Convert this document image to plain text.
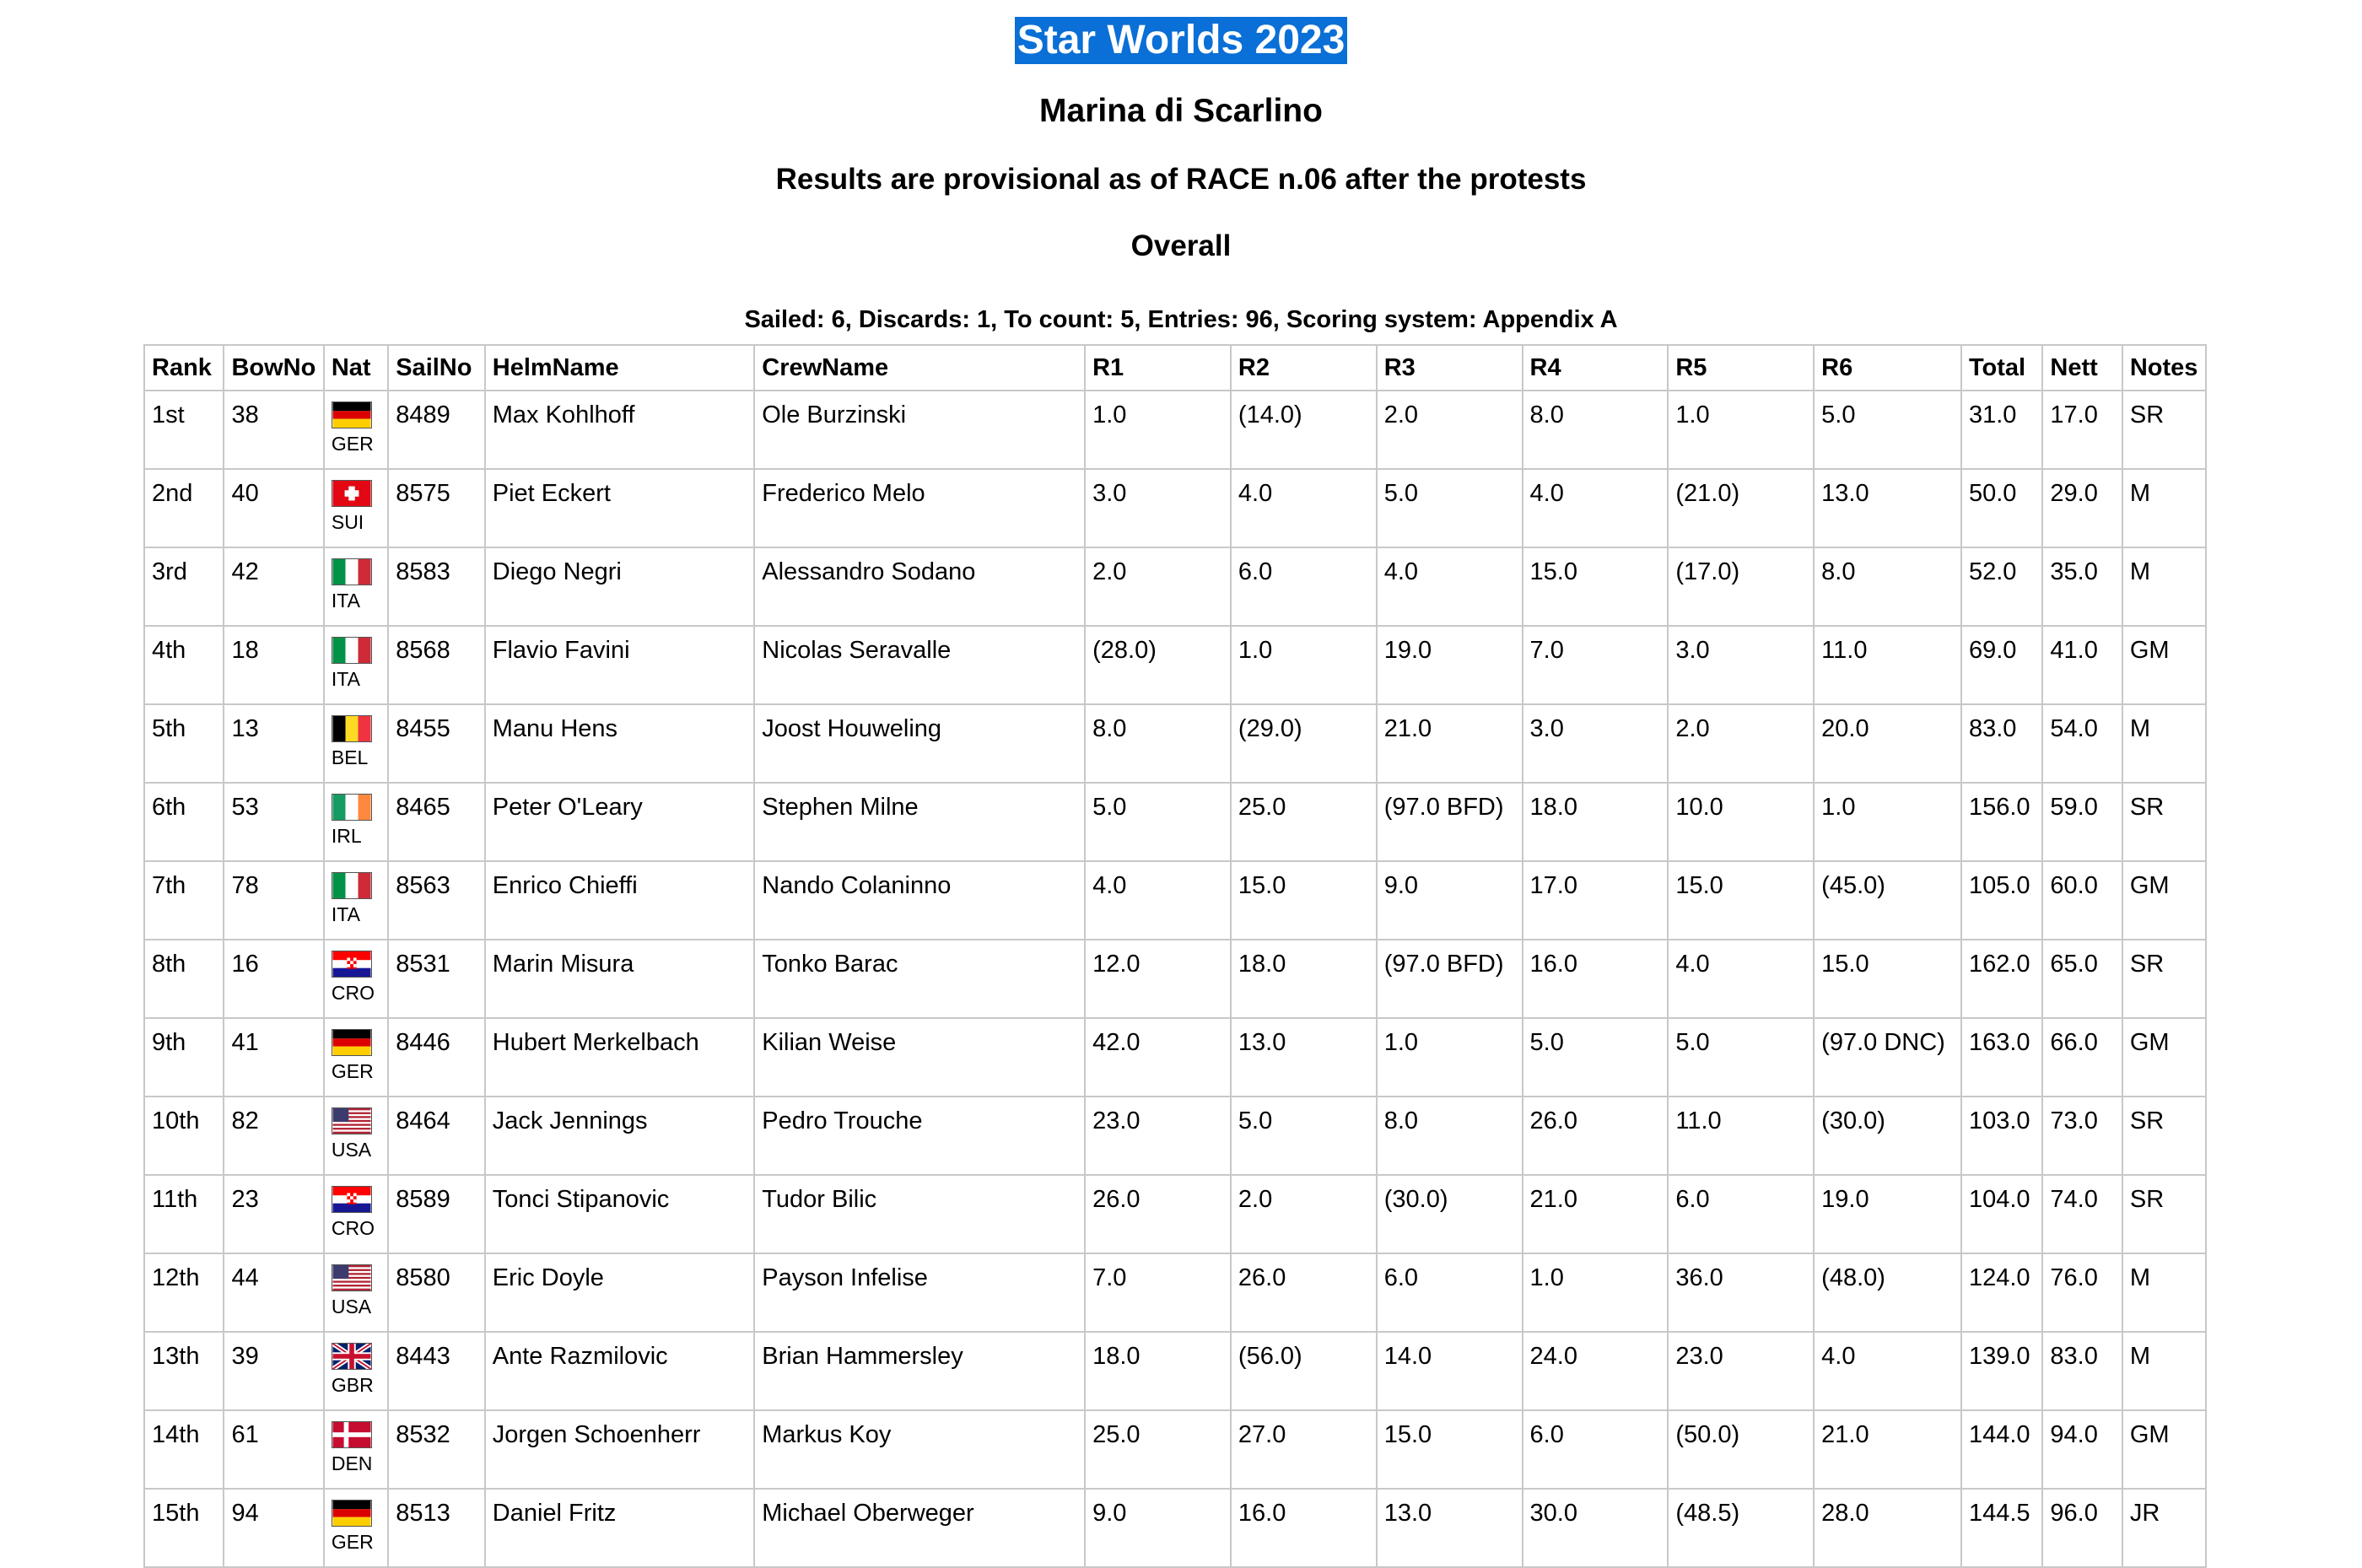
Star Worlds 2023
Marina di Scarlino
Results are provisional as of RACE n.06 after the protests
Overall
Sailed: 6, Discards: 1, To count: 5, Entries: 96, Scoring system: Appendix A
Rank	BowNo	Nat	SailNo	HelmName	CrewName	R1	R2	R3	R4	R5	R6	Total	Nett	Notes
1st	38	GER	8489	Max Kohlhoff	Ole Burzinski	1.0	(14.0)	2.0	8.0	1.0	5.0	31.0	17.0	SR
2nd	40	SUI	8575	Piet Eckert	Frederico Melo	3.0	4.0	5.0	4.0	(21.0)	13.0	50.0	29.0	M
3rd	42	ITA	8583	Diego Negri	Alessandro Sodano	2.0	6.0	4.0	15.0	(17.0)	8.0	52.0	35.0	M
4th	18	ITA	8568	Flavio Favini	Nicolas Seravalle	(28.0)	1.0	19.0	7.0	3.0	11.0	69.0	41.0	GM
5th	13	BEL	8455	Manu Hens	Joost Houweling	8.0	(29.0)	21.0	3.0	2.0	20.0	83.0	54.0	M
6th	53	IRL	8465	Peter O'Leary	Stephen Milne	5.0	25.0	(97.0 BFD)	18.0	10.0	1.0	156.0	59.0	SR
7th	78	ITA	8563	Enrico Chieffi	Nando Colaninno	4.0	15.0	9.0	17.0	15.0	(45.0)	105.0	60.0	GM
8th	16	CRO	8531	Marin Misura	Tonko Barac	12.0	18.0	(97.0 BFD)	16.0	4.0	15.0	162.0	65.0	SR
9th	41	GER	8446	Hubert Merkelbach	Kilian Weise	42.0	13.0	1.0	5.0	5.0	(97.0 DNC)	163.0	66.0	GM
10th	82	USA	8464	Jack Jennings	Pedro Trouche	23.0	5.0	8.0	26.0	11.0	(30.0)	103.0	73.0	SR
11th	23	CRO	8589	Tonci Stipanovic	Tudor Bilic	26.0	2.0	(30.0)	21.0	6.0	19.0	104.0	74.0	SR
12th	44	USA	8580	Eric Doyle	Payson Infelise	7.0	26.0	6.0	1.0	36.0	(48.0)	124.0	76.0	M
13th	39	GBR	8443	Ante Razmilovic	Brian Hammersley	18.0	(56.0)	14.0	24.0	23.0	4.0	139.0	83.0	M
14th	61	DEN	8532	Jorgen Schoenherr	Markus Koy	25.0	27.0	15.0	6.0	(50.0)	21.0	144.0	94.0	GM
15th	94	GER	8513	Daniel Fritz	Michael Oberweger	9.0	16.0	13.0	30.0	(48.5)	28.0	144.5	96.0	JR
